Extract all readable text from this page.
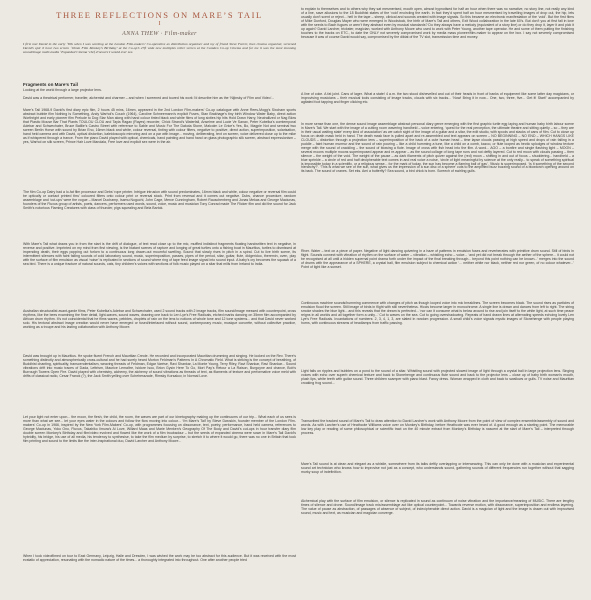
THREE REFLECTIONS ON MARE’S TAIL
I
ANNA THEW · Film-maker
I first met David in the early ‘80s when I was working at the London Film-makers’ Co-operative as distribution organiser and my of friend Steve Farrer, then cinema organiser, screened David’s epic 6 hour two screen ‘16mm Film Monkey’s Birthday’ at the Co-op’s 27ft wide new multiplex roller screen at the Camden Co-op Cinema and for me it was the most stunning sound/image multi-media ‘Expanded Cinema’ chef d’oeuvre I would ever see.
Fragments on Mare’s Tail
Looking at the world through a large projector lens.
David was a theatrical performer, traveller, alchemist and charmer – and when I screened and toured his work I’d describe him as the ‘Nijinsky of Film and Video’...
Mare’s Tail 1968-9 David’s first diary epic film, 2 hours 45 mins, 16mm, appeared in the 2nd London Film-makers’ Co-op catalogue with Anne Rees-Mogg’s Sixcham sports abstract bubble film Nothing Is Something, Andy Warhol’s Couch (1964), Caroline Schneemann’s explicit Fuses, Stan Brakhage’s tiny birth Window Water Baby, direct action Worthright and early pioneer film Prelude to Dog Star Man along with hand colour tinted black and white films of long sixties hip hits Hold Down Harry, Neutrallized or Nag Blow that Plastic Mouse Bar That Plants TOULOU CLOU and Tayla Ragax (Rayes) recorder, Chick Strand’s Waterfall, Anselme and Lucie Ve Sanax, Peter Kubelka’s comtemporal Adebar and Schwechater, Bruce Baillie’s Castro Street with reference to Sable and Music For The Dakota Stone, Malcolm Le Grice’s Yes, Bo, Magpie Not and seminal two screen Berlin Horse with sound by Brian Eno, 16mm black and white, colour reversal, tinting with colour filters, negative to positive, direct action, superimposition, solarisation, hand held camera and with David, optical distortion, kaleidoscopic mirroring and on a par with image... moving, deliberating, text on screen, voice delivered close up to the mike as if whispered through a trance. From the piano David played with optical, chemicals, hand painting and hand hand on glass photographic silk screen, abstract expressionism – yes, Warhol on silk screen, Prince Hair Love Mandala, Free love and explicit sex were in the air.
The film Co-op Dairy had a lo-fat film processor and Debs’ rope printer. Intrigue intrusion with sound predominates, 16mm black and white, colour negative or reversal film could be optically or contact printed thru’ coloured filters onto colour print or reversal stock. Print from reversal and it comes out negative. Dubs, chance procedure, random assemblage and ‘cut-ups’ were the vogue – Marcel Duchamp, Isamu Noguchi, John Cage, Merce Cunningham, Robert Rauschenberg and Jonas Mekas and George Maciunas, founders of the Fluxus group of artists, poets, dancers, performers used words, sound, voice, music and musician Tony Conrad made The Flicker film and did the sound for Jack Smith’s notorious Flaming Creatures with class of thunder, pigs squealing and Bela Bartok.
With Mare’s Tail what draws you in from the start is the drift of dialogue, of text read close up to the mic, muffled indistinct fragments floating handwritten text in negative, in reverse and positive. Imprinted on my mind from first viewing, is the blatant scenes of rapture and longing of great turtles onto a fishing boat in Mauritius, turtles to dismissed at impending death, their eggs popping out forlorn to a continuous long drawn-out mournful swelling. Sound that slowly rises in pitch in a spiral. Cut to live birth scene, its intermittent silences with faint falling sounds of cold laboratory sound, music, superimposition, passes, pipes of the period, sitar, guitar, flute, didgeridoo, theremin, oven, play with the surface of film emulsion as visual ‘noise’ is replicated in sections of sound where ring of tape feed image signal into sound input. A baby’s cry becomes the squawk of a sea bird. There is a unique fracture of natural sounds, cats, tiny children’s voices with sections of folk music played on a sitar that mills from Ireland to India.
Australian structuralist avant-garde films, Peter Kubelka’s Adebar and Schwechater, used 2 sound tracks with 2 image tracks, film sound/image messed with counterpoint, cross rhythms, like the bees examining the finer detail, light-waves, sound waves, drawing one back to Len Lye’s Free Radicals, etched marks dancing on 35mm film accompanied by African drum rhythm. It’s not coincidental that he films waves, pebbles, droplets of rain on the lens to notions of whole tone and 12 tone systems... and that David never worked solo. His textural abstract image creation would never have emerged or fused/interlaced without sound, contemporary music, musique concrète, without collective practice, working as a troupe and his lasting collaboration with Anthony Moore.
David was brought up in Mauritius. He spoke fluent French and Mauritian Creole. He recorded and incorporated Mauritian drumming and singing. He looked on the Rev. There’s something distinctly and atmospherically cross-cultural and he had surely heard Morton Feldman’s Patterns In A Chromatic Field. What is striking is the concept of breathing, of Buddhist chanting, spirituality, transcendentalism, weaving threads of Feldman, Edgar Varèse, Ravi Shankar, La Monte Young, Terry Riley, Ravi Shankar, Ravi Shankar... Sound vibrations drift into music traces of Dada, Lettrism, Maurice Lemaître, Isidore Isou, Brion Gysin Here To Go, Mort Pay’s Retour a La Raison, Burgoyne and chance, Bob’s Burrough Towers Open Fire. David played with chemistry, alchemy, the alchemy of sound vibrations as threads of text, as filaments of texture and performative voice meld with drifts of classical radio, Cesar Franck (?), the Jack Smith yelling over Scheherazade, Rimsky Korsakov, in Normal Love.
Let your light not enter upon... the moon, the flesh, the child, the room, the waves are part of our kinetography making up the continuums of our trip... What each of us sees is more than what we see... let your eyes water in the colours and follow the flow moving into colour... ‘I’m Mare’s Tail’ by Steve Dwoskin, founder member of the London Film-makers’ Co-op in 1966, inspired by the New York Film-Makers’ Co-op, with programmes focusing on dissonance, text, poetry, performance, hand held camera, references to George Maciunas, Yoko Ono, Fluxus, Takahiko Iimura’s Ai Love, Willard Maas and Marie Menken’s Geography Of The Body and David’s cut-ups in hour transfer diary film double screen Monkey’s Birthday and film/video evolved and flowed like the work of a film troubadour – but the seeds of expanded cinema were sown in Mare’s Tail David’s hybridity, his bridge, his use of all media, his tendency to synthesise, to take the film medium by surprise, to stretch it to where it would go, there was no one in Britain that took film printing and sound to the limits like the inter-inspirational duo, David Larcher and Anthony Moore...
When I took videofilmed on tour to East Germany, Leipzig, Halle and Dresden, I was wished the work may be too abstract for this audience. But it was received with the most ecstatic of appreciation, resonating with the nomadic nature of the times... a thoroughly integrated into throughout. One after another people tried
to explain to themselves and to others why they sat mesmerised, mouth open, almost hypnotised for half an hour when there was no narrative, no story line, not really any kind of a line, save allusions to the 18 Buddhist states of the ‘void’ encircling the earth. In fact they’d spent half an hour mesmerised by travelling images of drop out, the hip, lets usually don’t scent or reject... hell in the tape – sheep, clinical and sounds created with image signals. So this became an electronic manifestation of the ‘void’. But the first films of Mike Dunford, Douglas Mayer who were emerged in Woodstock, the birth of Mare’s Tail and others, Exit Wood collaboration in the late 60’s. But don’t you at first fall in love with the seeds to Bach fugues or aren’t they abstract even by musical standards? Do they always have a melody (equivalent of a story line) or do they drop it, layer it and pick it up again? David Larcher, trickster, magician, worked with Anthony Moore who used to work with Peter Young, another tape operator. He and some of them putting the finishing touches to the tracks on ETC., to date the ONLY not severely compromised work by media mass pioneer/film-maker to appear on the box. I say not severely compromised because it was of course David would say, compromised by the diktat of the TV slot, transmission time and money.
A line of coke. A fat joint. Cans of lager. What a state! 4 a.m. the two stood dishevelled and out of their heads in front of banks of equipment like some latter day magicians, or improvising musicians – their musical tools consisting of image tracks, clouds with six tracks... ‘Now! Bring it in now... One, two, three, five... Get it! Start!’ accompanied by agitated foot tapping and finger clicking etc.
In more sense than one, the dense sound image assemblage abstract personal diary genre emerging with the first graphic turtle egg laying and human baby birth labour scene in Mare’s Tail. We start with the image of a cutting room wavering handheld – voice entering, ‘quest for the real perception, the ultimate theatre and sitting quietly – so – they are in their usual waiting state’ every kind of association’ as we catch sight of the image of a guitar and a sitar, the edit studio, with spools and stacks of cans of film. Cut to close up focus on death mask held in hand. The death mask face is pulled apart and re-assembled and text appears on screen – NO BEGINNING – NO END – WHICH HANGS LIKE CLOUDS – distortion through a projection lens – superimposition of the back of a cute human head – time lapse clouds passing at high speed and drops of rain falling in a puddle – faint human murmur and the sound of rain pouring – like a child humming a tune, like a child on a comb, kazoo, or flute looped as hectic splodges of window texture merge with the sound of crackling – the sound of blowing a flute. Image of cross with fish head into the film. A word... AGO – a bonfire and single flashing light – MOON – several moons multiple moons superimposed appear and re-appear – as the sound collage of long tape runs and not deftly layered. Cut to red moon with clouds passing – then silence – the weight of the void. The weight of the pause – as dark filaments of pitch quiver against the (red) moon – shifting in and out of focus – shuddering... handheld – a blue sprinkle – a circle of red and half decipherable text comes in and real voice a noise, ‘circle of light meaningful by science at the only really... to speak of something spiritual is impossible today in a scientific, or a religious sense... for the mark of today, the sun has become a flaming ball of gas’. ‘Music is superimposed. ‘Is it something of the second hierarchy?’. ‘This is what we see of the sun, what gives us the impression of a sun disc of a sphere’ cuts to the amplified buzz buzzing sound of a blowtorch opening around on its back. The sound of cranes. Set eks. Ami a butterfly? Sea sound, a bird chick is born. Screech of swirling gulls.
River. Water – text on a piece of paper. Negative of light dancing quivering in a haze of patterns in emulsion fuses and reverberates with primitive drum sound. Still of birds in flight. Sounds connect with vibration of rhythm on the surface of water – vibration – whistling echo – voice... ‘and yet did not break through the aether of the sphere... it could not be recognised at all until a hidden supernal point drama forth under the impact of the final breaking through... beyond this point nothing can be known...’ merges into the sound of drums with the appearance of a SPHERE, a crystal ball, film emulsion subject to chemical action ‘... neither white nor black, neither red nor green, of no colour whatever...’ Point of light like a sunset.
Continuous machine sounds/humming commence with changes of pitch as though looped voice into mic breaklines. The screen becomes black. The sound rises as particles of emulsion flood the screen. Still image of birds in flight with still nevertheless. Hiccis become larger in monochrome. A single line is drawn and dances from left to right. The string smoke shades the blue light... and this reveals that the dream is perfected... ‘nor can it consume what is below around to rise and join itself to the white light, at such time peace reigns in all worlds and all together form a unity...’ Cut to waves on the sea. Cut to going overshadowing. Repeats of hand drawn lines at alternating speeds echoing lovely Len Lye’s Free Radicals. Incantations of numbers: 2, 3, 4, 1, 3, are slated in random progression. A small child’s voice signals mystic images of Stonehenge with people playing horns, with continuous streams of headlamps from traffic passing.
Light falls on ripples and bubbles on a pond to the sound of a sitar. Whistling sound with projected slowed image of light through a crystal ball in large projection lens. Singing voices with echo over superb chemical texture and back to Stonehenge and continuous flute sound and back to the projector lens – close up of baby birth woman’s mouth, plush lips, white teeth with guitar sound. Three children scamper with piano blast. Fancy dress. Woman wrapped in cloth and back to swallows or gulls. TV noise and Mauritian croaking frog sound...
Transcribed the tracked sound of Mare’s Tail to draw attention to David Larcher’s work with Anthony Moore from the point of view of complex ensemble/assembly of sound and words. As with Larcher’s use of Heathcote Williams voice over on Monkey’s Birthday, before Heathcote was ever heard of. A good enough as a starting point. The memorable low key play or reading of some philosophical or scientific tract on the 40 minute extract from Monkey’s Birthday is nascent at the start of Mare’s Tail – interpreted through process.
Mare’s Tail sound is at clean and elegant as a whistle, somewhere from its talks deftly overlapping or interweaving. This can only be done with a musician and experimental sound art technician who knows how to improvise not just as a concept, who understands sound, gathering sounds of different frequencies run together without that sagging murky soup of indefinition.
Alchemical play with the surface of film emulsion, or silence is replicated in sound as continuum of noise vibration and the importance/meaning of MUSIC. There are lengthy times of silence and drone. Sound/image track mix/assemblage act like optical counterpoint... Towards reverse motion, with dissonance, superimposition and endless layering. The value of pause as abstraction, of passages of absence of subject, of indecipherable direct action. David is a magician of light and the image is drawn out with improvised sound, music and text, as musician and magician converge.
